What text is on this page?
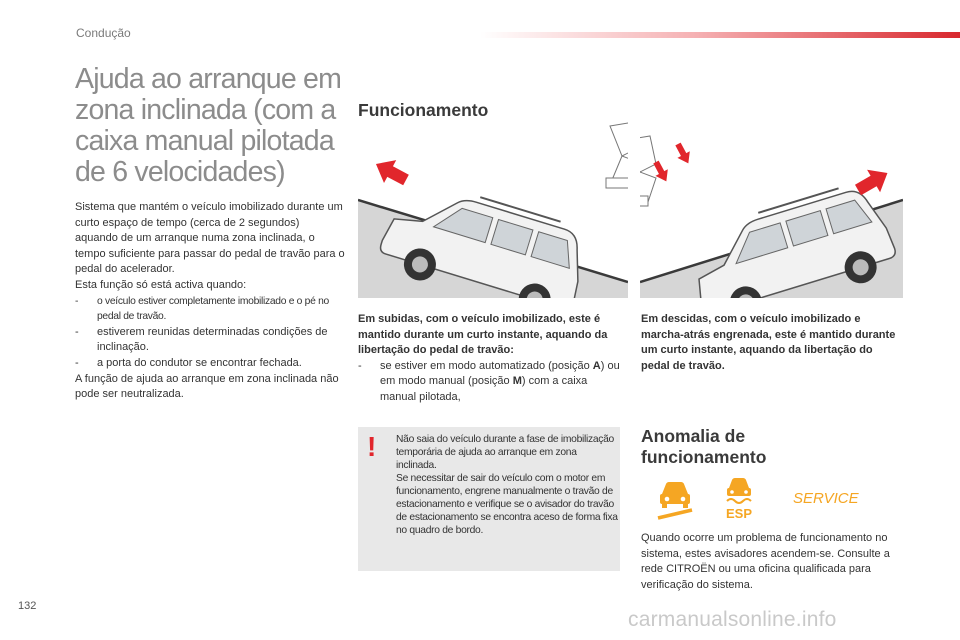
Condução
Ajuda ao arranque em zona inclinada (com a caixa manual pilotada de 6 velocidades)

Sistema que mantém o veículo imobilizado durante um curto espaço de tempo (cerca de 2 segundos) aquando de um arranque numa zona inclinada, o tempo suficiente para passar do pedal de travão para o pedal do acelerador.

Esta função só está activa quando:

- o veículo estiver completamente imobilizado e o pé no pedal de travão.

- estiverem reunidas determinadas condições de inclinação.

- a porta do condutor se encontrar fechada.

A função de ajuda ao arranque em zona inclinada não pode ser neutralizada.

Funcionamento
Em subidas, com o veículo imobilizado, este é mantido durante um curto instante, aquando da libertação do pedal de travão:
- se estiver em modo automatizado (posição A) ou em modo manual (posição M) com a caixa manual pilotada,
Em descidas, com o veículo imobilizado e marcha-atrás engrenada, este é mantido durante um curto instante, aquando da libertação do pedal de travão.
! Não saia do veículo durante a fase de imobilização temporária de ajuda ao arranque em zona inclinada.

Se necessitar de sair do veículo com o motor em funcionamento, engrene manualmente o travão de estacionamento e verifique se o avisador do travão de estacionamento se encontra aceso de forma fixa no quadro de bordo.

Anomalia de funcionamento
ESP
SERVICE
Quando ocorre um problema de funcionamento no sistema, estes avisadores acendem-se. Consulte a rede CITROËN ou uma oficina qualificada para verificação do sistema.
132
carmanualsonline.info
